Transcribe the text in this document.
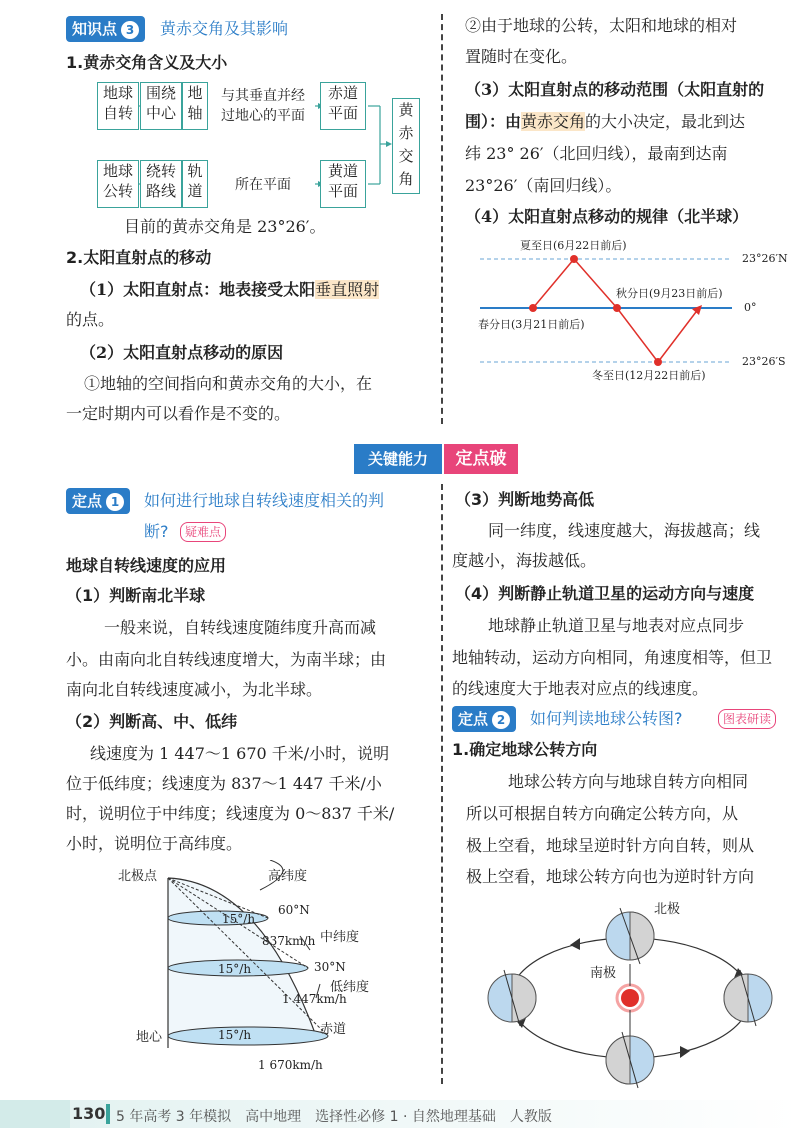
知识点 3	黄赤交角及其影响
1.黄赤交角含义及大小
地球
自转
围绕
中心
地
轴
与其垂直并经
过地心的平面
赤道
平面
地球
公转
绕转
路线
轨
道	所在平面
黄道
平面
黄
赤
交
角
目前的黄赤交角是 23°26′。
2.太阳直射点的移动
（1）太阳直射点：地表接受太阳垂直照射
的点。
（2）太阳直射点移动的原因
①地轴的空间指向和黄赤交角的大小，在
一定时期内可以看作是不变的。
②由于地球的公转，太阳和地球的相对
置随时在变化。
（3）太阳直射点的移动范围（太阳直射的
围）：由黄赤交角的大小决定，最北到达
纬 23° 26′（北回归线），最南到达南
23°26′（南回归线）。
（4）太阳直射点移动的规律（北半球）
夏至日(6月22日前后)
秋分日(9月23日前后)
春分日(3月21日前后)
冬至日(12月22日前后)
23°26′N
0°
23°26′S
关键能力	定点破
定点 1	如何进行地球自转线速度相关的判
断?	疑难点
地球自转线速度的应用
（1）判断南北半球
一般来说，自转线速度随纬度升高而减
小。由南向北自转线速度增大，为南半球；由
南向北自转线速度减小，为北半球。
（2）判断高、中、低纬
线速度为 1 447～1 670 千米/小时，说明
位于低纬度；线速度为 837～1 447 千米/小
时，说明位于中纬度；线速度为 0～837 千米/
小时，说明位于高纬度。
北极点	高纬度
60°N
15°/h
837km/h 中纬度
15°/h	30°N
低纬度
1 447km/h
赤道
地心	15°/h
1 670km/h
（3）判断地势高低
同一纬度，线速度越大，海拔越高；线
度越小，海拔越低。
（4）判断静止轨道卫星的运动方向与速度
地球静止轨道卫星与地表对应点同步
地轴转动，运动方向相同，角速度相等，但卫
的线速度大于地表对应点的线速度。
定点 2	如何判读地球公转图?	图表研读
1.确定地球公转方向
地球公转方向与地球自转方向相同
所以可根据自转方向确定公转方向，从
极上空看，地球呈逆时针方向自转，则从
极上空看，地球公转方向也为逆时针方向
北极
南极
130 5 年高考 3 年模拟　高中地理　选择性必修 1 · 自然地理基础　人教版
